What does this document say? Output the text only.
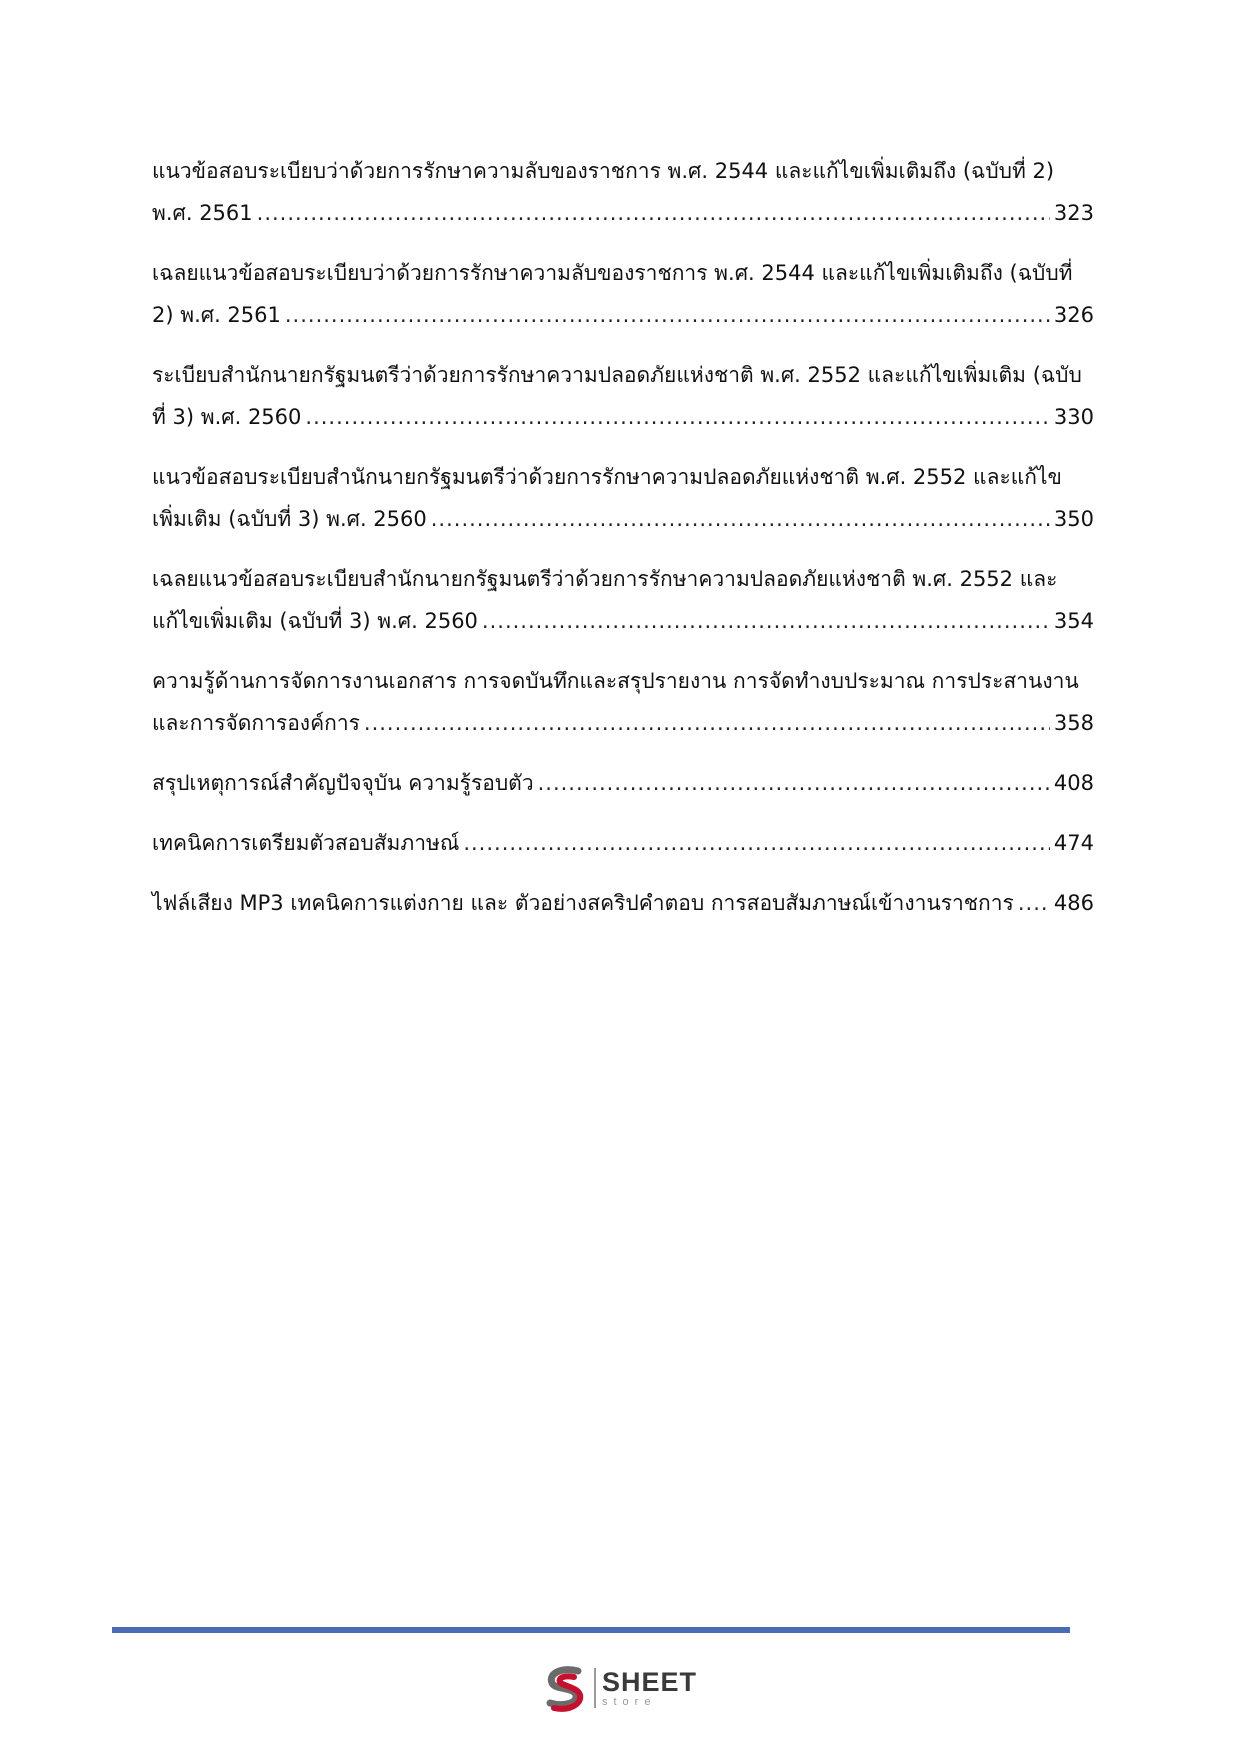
แนวข้อสอบระเบียบว่าด้วยการรักษาความลับของราชการ พ.ศ. 2544 และแก้ไขเพิ่มเติมถึง (ฉบับที่ 2)
พ.ศ. 2561 .....	323
เฉลยแนวข้อสอบระเบียบว่าด้วยการรักษาความลับของราชการ พ.ศ. 2544 และแก้ไขเพิ่มเติมถึง (ฉบับที่
2) พ.ศ. 2561 .....	326
ระเบียบสำนักนายกรัฐมนตรีว่าด้วยการรักษาความปลอดภัยแห่งชาติ พ.ศ. 2552 และแก้ไขเพิ่มเติม (ฉบับ
ที่ 3) พ.ศ. 2560 .....	330
แนวข้อสอบระเบียบสำนักนายกรัฐมนตรีว่าด้วยการรักษาความปลอดภัยแห่งชาติ พ.ศ. 2552 และแก้ไข
เพิ่มเติม (ฉบับที่ 3) พ.ศ. 2560 .....	350
เฉลยแนวข้อสอบระเบียบสำนักนายกรัฐมนตรีว่าด้วยการรักษาความปลอดภัยแห่งชาติ พ.ศ. 2552 และ
แก้ไขเพิ่มเติม (ฉบับที่ 3) พ.ศ. 2560 .....	354
ความรู้ด้านการจัดการงานเอกสาร การจดบันทึกและสรุปรายงาน การจัดทำงบประมาณ การประสานงาน
และการจัดการองค์การ .....	358
สรุปเหตุการณ์สำคัญปัจจุบัน ความรู้รอบตัว .....	408
เทคนิคการเตรียมตัวสอบสัมภาษณ์ .....	474
ไฟล์เสียง MP3 เทคนิคการแต่งกาย และ ตัวอย่างสคริปคำตอบ การสอบสัมภาษณ์เข้างานราชการ ..... 486
SHEET
store
